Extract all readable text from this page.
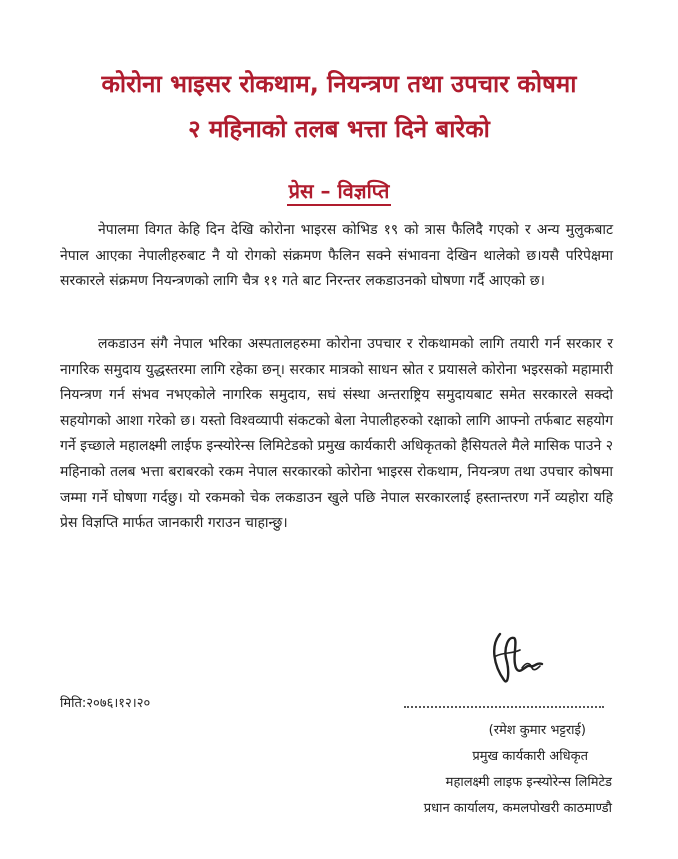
कोरोना भाइसर रोकथाम, नियन्त्रण तथा उपचार कोषमा
२ महिनाको तलब भत्ता दिने बारेको
प्रेस – विज्ञप्ति

नेपालमा विगत केहि दिन देखि कोरोना भाइरस कोभिड १९ को त्रास फैलिदै गएको र अन्य मुलुकबाट नेपाल आएका नेपालीहरुबाट नै यो रोगको संक्रमण फैलिन सक्ने संभावना देखिन थालेको छ।यसै परिपेक्षमा सरकारले संक्रमण नियन्त्रणको लागि चैत्र ११ गते बाट निरन्तर लकडाउनको घोषणा गर्दै आएको छ।

लकडाउन संगै नेपाल भरिका अस्पतालहरुमा कोरोना उपचार र रोकथामको लागि तयारी गर्न सरकार र नागरिक समुदाय युद्धस्तरमा लागि रहेका छन्। सरकार मात्रको साधन स्रोत र प्रयासले कोरोना भइरसको महामारी नियन्त्रण गर्न संभव नभएकोले नागरिक समुदाय, सघं संस्था अन्तराष्ट्रिय समुदायबाट समेत सरकारले सक्दो सहयोगको आशा गरेको छ। यस्तो विश्वव्यापी संकटको बेला नेपालीहरुको रक्षाको लागि आफ्नो तर्फबाट सहयोग गर्ने इच्छाले महालक्ष्मी लाईफ इन्स्योरेन्स लिमिटेडको प्रमुख कार्यकारी अधिकृतको हैसियतले मैले मासिक पाउने २ महिनाको तलब भत्ता बराबरको रकम नेपाल सरकारको कोरोना भाइरस रोकथाम, नियन्त्रण तथा उपचार कोषमा जम्मा गर्ने घोषणा गर्दछु। यो रकमको चेक लकडाउन खुले पछि नेपाल सरकारलाई हस्तान्तरण गर्ने व्यहोरा यहि प्रेस विज्ञप्ति मार्फत जानकारी गराउन चाहान्छु।

मिति:२०७६।१२।२०
(रमेश कुमार भट्टराई)
प्रमुख कार्यकारी अधिकृत
महालक्ष्मी लाइफ इन्स्योरेन्स लिमिटेड
प्रधान कार्यालय, कमलपोखरी काठमाण्डौ
